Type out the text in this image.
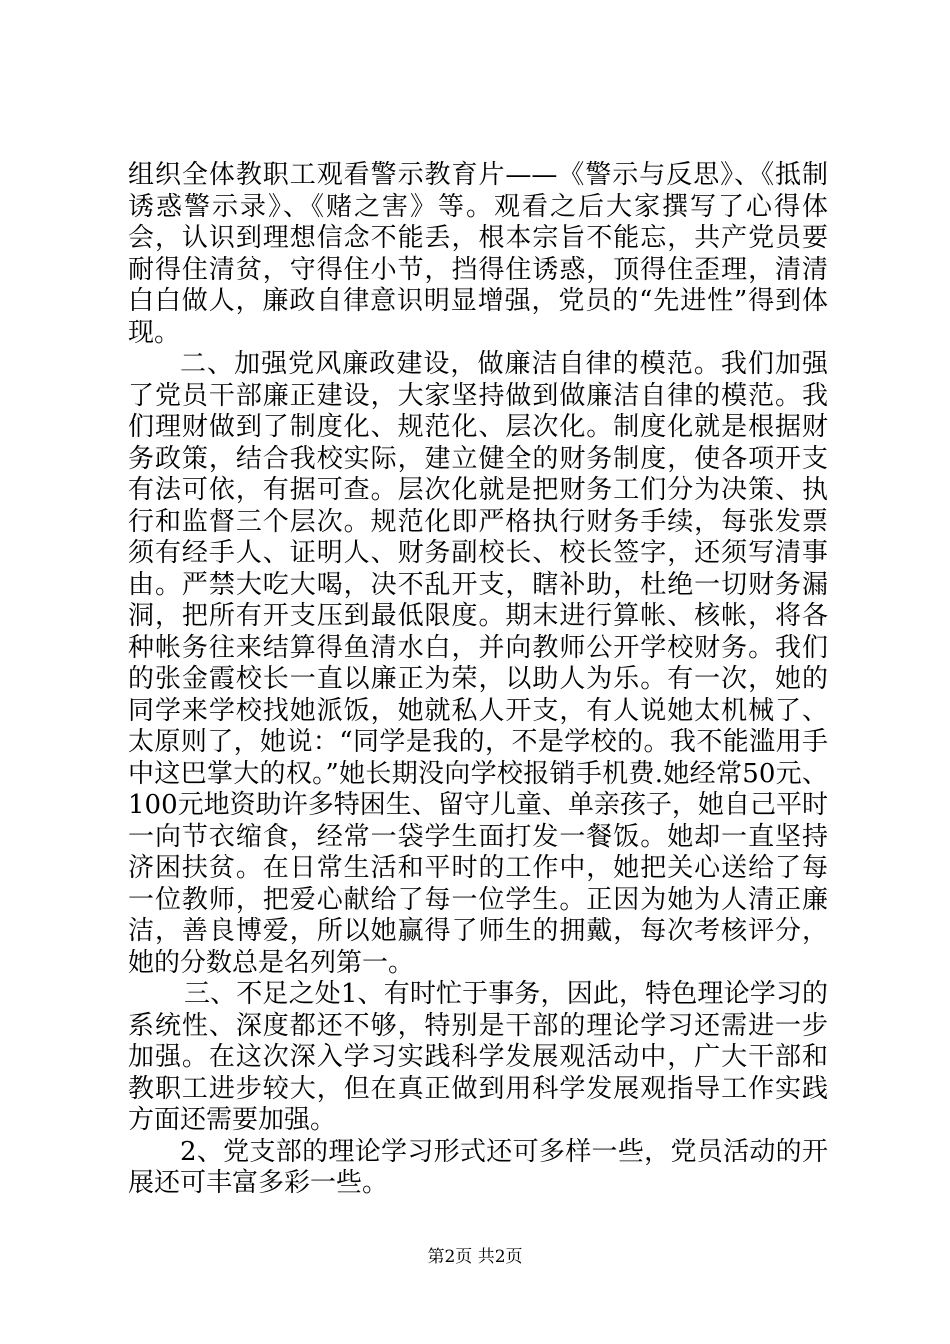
组织全体教职工观看警示教育片——《警示与反思》、《抵制诱惑警示录》、《赌之害》等。观看之后大家撰写了心得体会，认识到理想信念不能丢，根本宗旨不能忘，共产党员要耐得住清贫，守得住小节，挡得住诱惑，顶得住歪理，清清白白做人，廉政自律意识明显增强，党员的“先进性”得到体现。

二、加强党风廉政建设，做廉洁自律的模范。我们加强了党员干部廉正建设，大家坚持做到做廉洁自律的模范。我们理财做到了制度化、规范化、层次化。制度化就是根据财务政策，结合我校实际，建立健全的财务制度，使各项开支有法可依，有据可查。层次化就是把财务工们分为决策、执行和监督三个层次。规范化即严格执行财务手续，每张发票须有经手人、证明人、财务副校长、校长签字，还须写清事由。严禁大吃大喝，决不乱开支，瞎补助，杜绝一切财务漏洞，把所有开支压到最低限度。期末进行算帐、核帐，将各种帐务往来结算得鱼清水白，并向教师公开学校财务。我们的张金霞校长一直以廉正为荣，以助人为乐。有一次，她的同学来学校找她派饭，她就私人开支，有人说她太机械了、太原则了，她说：“同学是我的，不是学校的。我不能滥用手中这巴掌大的权。”她长期没向学校报销手机费.她经常50元、100元地资助许多特困生、留守儿童、单亲孩子，她自己平时一向节衣缩食，经常一袋学生面打发一餐饭。她却一直坚持济困扶贫。在日常生活和平时的工作中，她把关心送给了每一位教师，把爱心献给了每一位学生。正因为她为人清正廉洁，善良博爱，所以她赢得了师生的拥戴，每次考核评分，她的分数总是名列第一。

三、不足之处1、有时忙于事务，因此，特色理论学习的系统性、深度都还不够，特别是干部的理论学习还需进一步加强。在这次深入学习实践科学发展观活动中，广大干部和教职工进步较大，但在真正做到用科学发展观指导工作实践方面还需要加强。

2、党支部的理论学习形式还可多样一些，党员活动的开展还可丰富多彩一些。

第2页 共2页
